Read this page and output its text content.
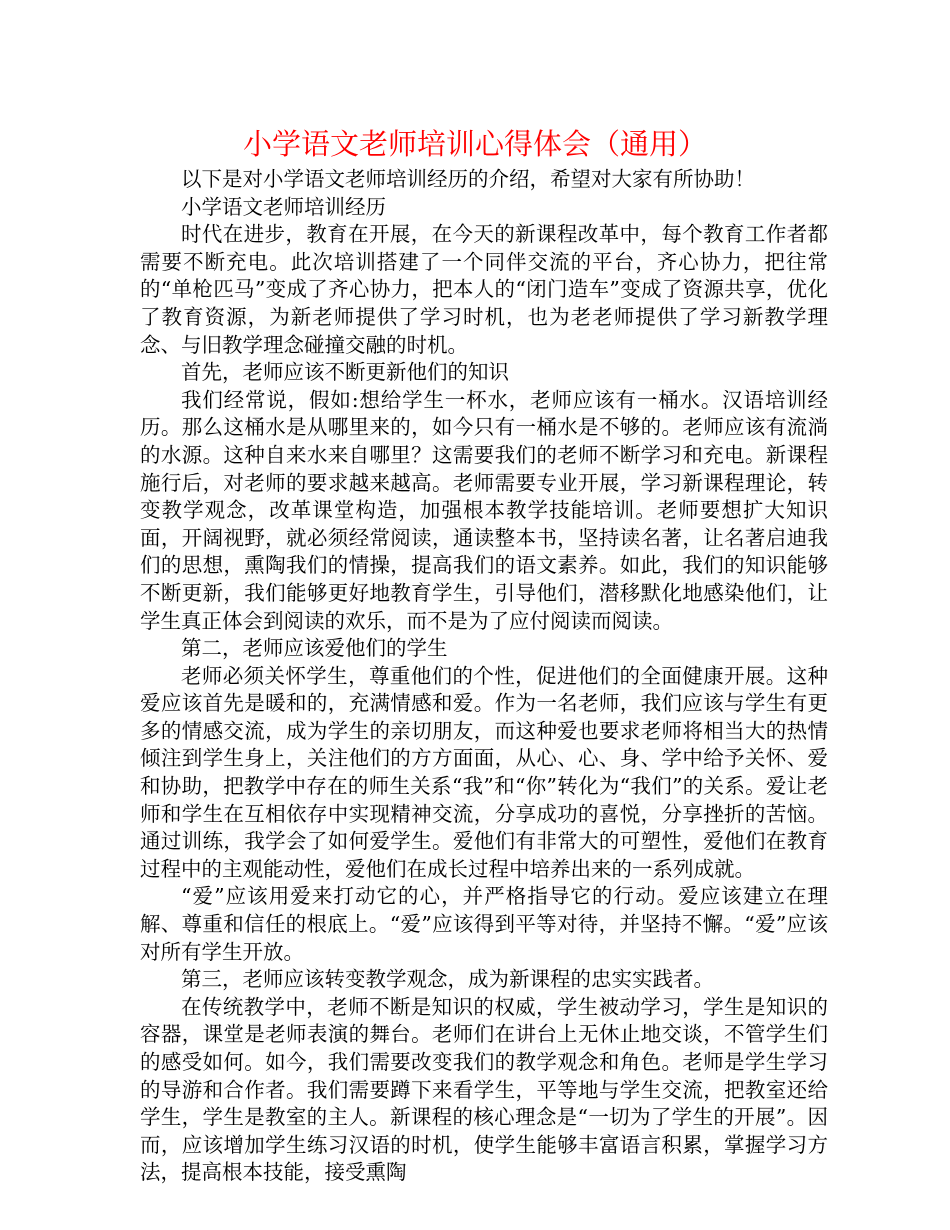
小学语文老师培训心得体会（通用）

以下是对小学语文老师培训经历的介绍，希望对大家有所协助！

小学语文老师培训经历

时代在进步，教育在开展，在今天的新课程改革中，每个教育工作者都需要不断充电。此次培训搭建了一个同伴交流的平台，齐心协力，把往常的“单枪匹马”变成了齐心协力，把本人的“闭门造车”变成了资源共享，优化了教育资源，为新老师提供了学习时机，也为老老师提供了学习新教学理念、与旧教学理念碰撞交融的时机。

首先，老师应该不断更新他们的知识

我们经常说，假如:想给学生一杯水，老师应该有一桶水。汉语培训经历。那么这桶水是从哪里来的，如今只有一桶水是不够的。老师应该有流淌的水源。这种自来水来自哪里？这需要我们的老师不断学习和充电。新课程施行后，对老师的要求越来越高。老师需要专业开展，学习新课程理论，转变教学观念，改革课堂构造，加强根本教学技能培训。老师要想扩大知识面，开阔视野，就必须经常阅读，通读整本书，坚持读名著，让名著启迪我们的思想，熏陶我们的情操，提高我们的语文素养。如此，我们的知识能够不断更新，我们能够更好地教育学生，引导他们，潜移默化地感染他们，让学生真正体会到阅读的欢乐，而不是为了应付阅读而阅读。

第二，老师应该爱他们的学生

老师必须关怀学生，尊重他们的个性，促进他们的全面健康开展。这种爱应该首先是暖和的，充满情感和爱。作为一名老师，我们应该与学生有更多的情感交流，成为学生的亲切朋友，而这种爱也要求老师将相当大的热情倾注到学生身上，关注他们的方方面面，从心、心、身、学中给予关怀、爱和协助，把教学中存在的师生关系“我”和“你”转化为“我们”的关系。爱让老师和学生在互相依存中实现精神交流，分享成功的喜悦，分享挫折的苦恼。通过训练，我学会了如何爱学生。爱他们有非常大的可塑性，爱他们在教育过程中的主观能动性，爱他们在成长过程中培养出来的一系列成就。

“爱”应该用爱来打动它的心，并严格指导它的行动。爱应该建立在理解、尊重和信任的根底上。“爱”应该得到平等对待，并坚持不懈。“爱”应该对所有学生开放。

第三，老师应该转变教学观念，成为新课程的忠实实践者。

在传统教学中，老师不断是知识的权威，学生被动学习，学生是知识的容器，课堂是老师表演的舞台。老师们在讲台上无休止地交谈，不管学生们的感受如何。如今，我们需要改变我们的教学观念和角色。老师是学生学习的导游和合作者。我们需要蹲下来看学生，平等地与学生交流，把教室还给学生，学生是教室的主人。新课程的核心理念是“一切为了学生的开展”。因而，应该增加学生练习汉语的时机，使学生能够丰富语言积累，掌握学习方法，提高根本技能，接受熏陶
